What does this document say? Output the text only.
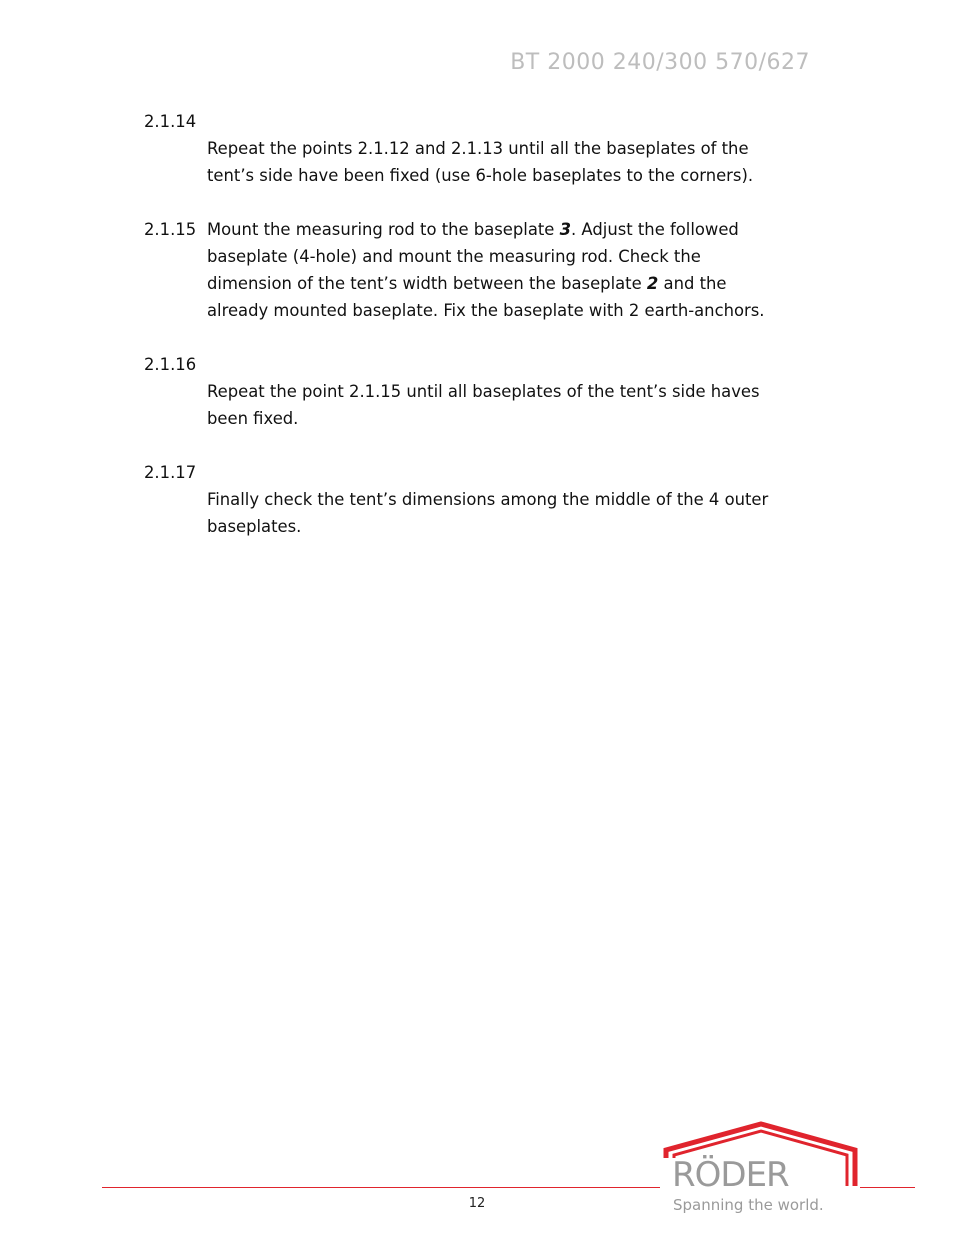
BT 2000 240/300 570/627
2.1.14

Repeat the points 2.1.12 and 2.1.13 until all the baseplates of the
tent’s side have been fixed (use 6-hole baseplates to the corners).

2.1.15 Mount the measuring rod to the baseplate 3. Adjust the followed
baseplate (4-hole) and mount the measuring rod. Check the
dimension of the tent’s width between the baseplate 2 and the
already mounted baseplate. Fix the baseplate with 2 earth-anchors.
2.1.16

Repeat the point 2.1.15 until all baseplates of the tent’s side haves
been fixed.

2.1.17

Finally check the tent’s dimensions among the middle of the 4 outer
baseplates.

12
RÖDER
Spanning the world.
